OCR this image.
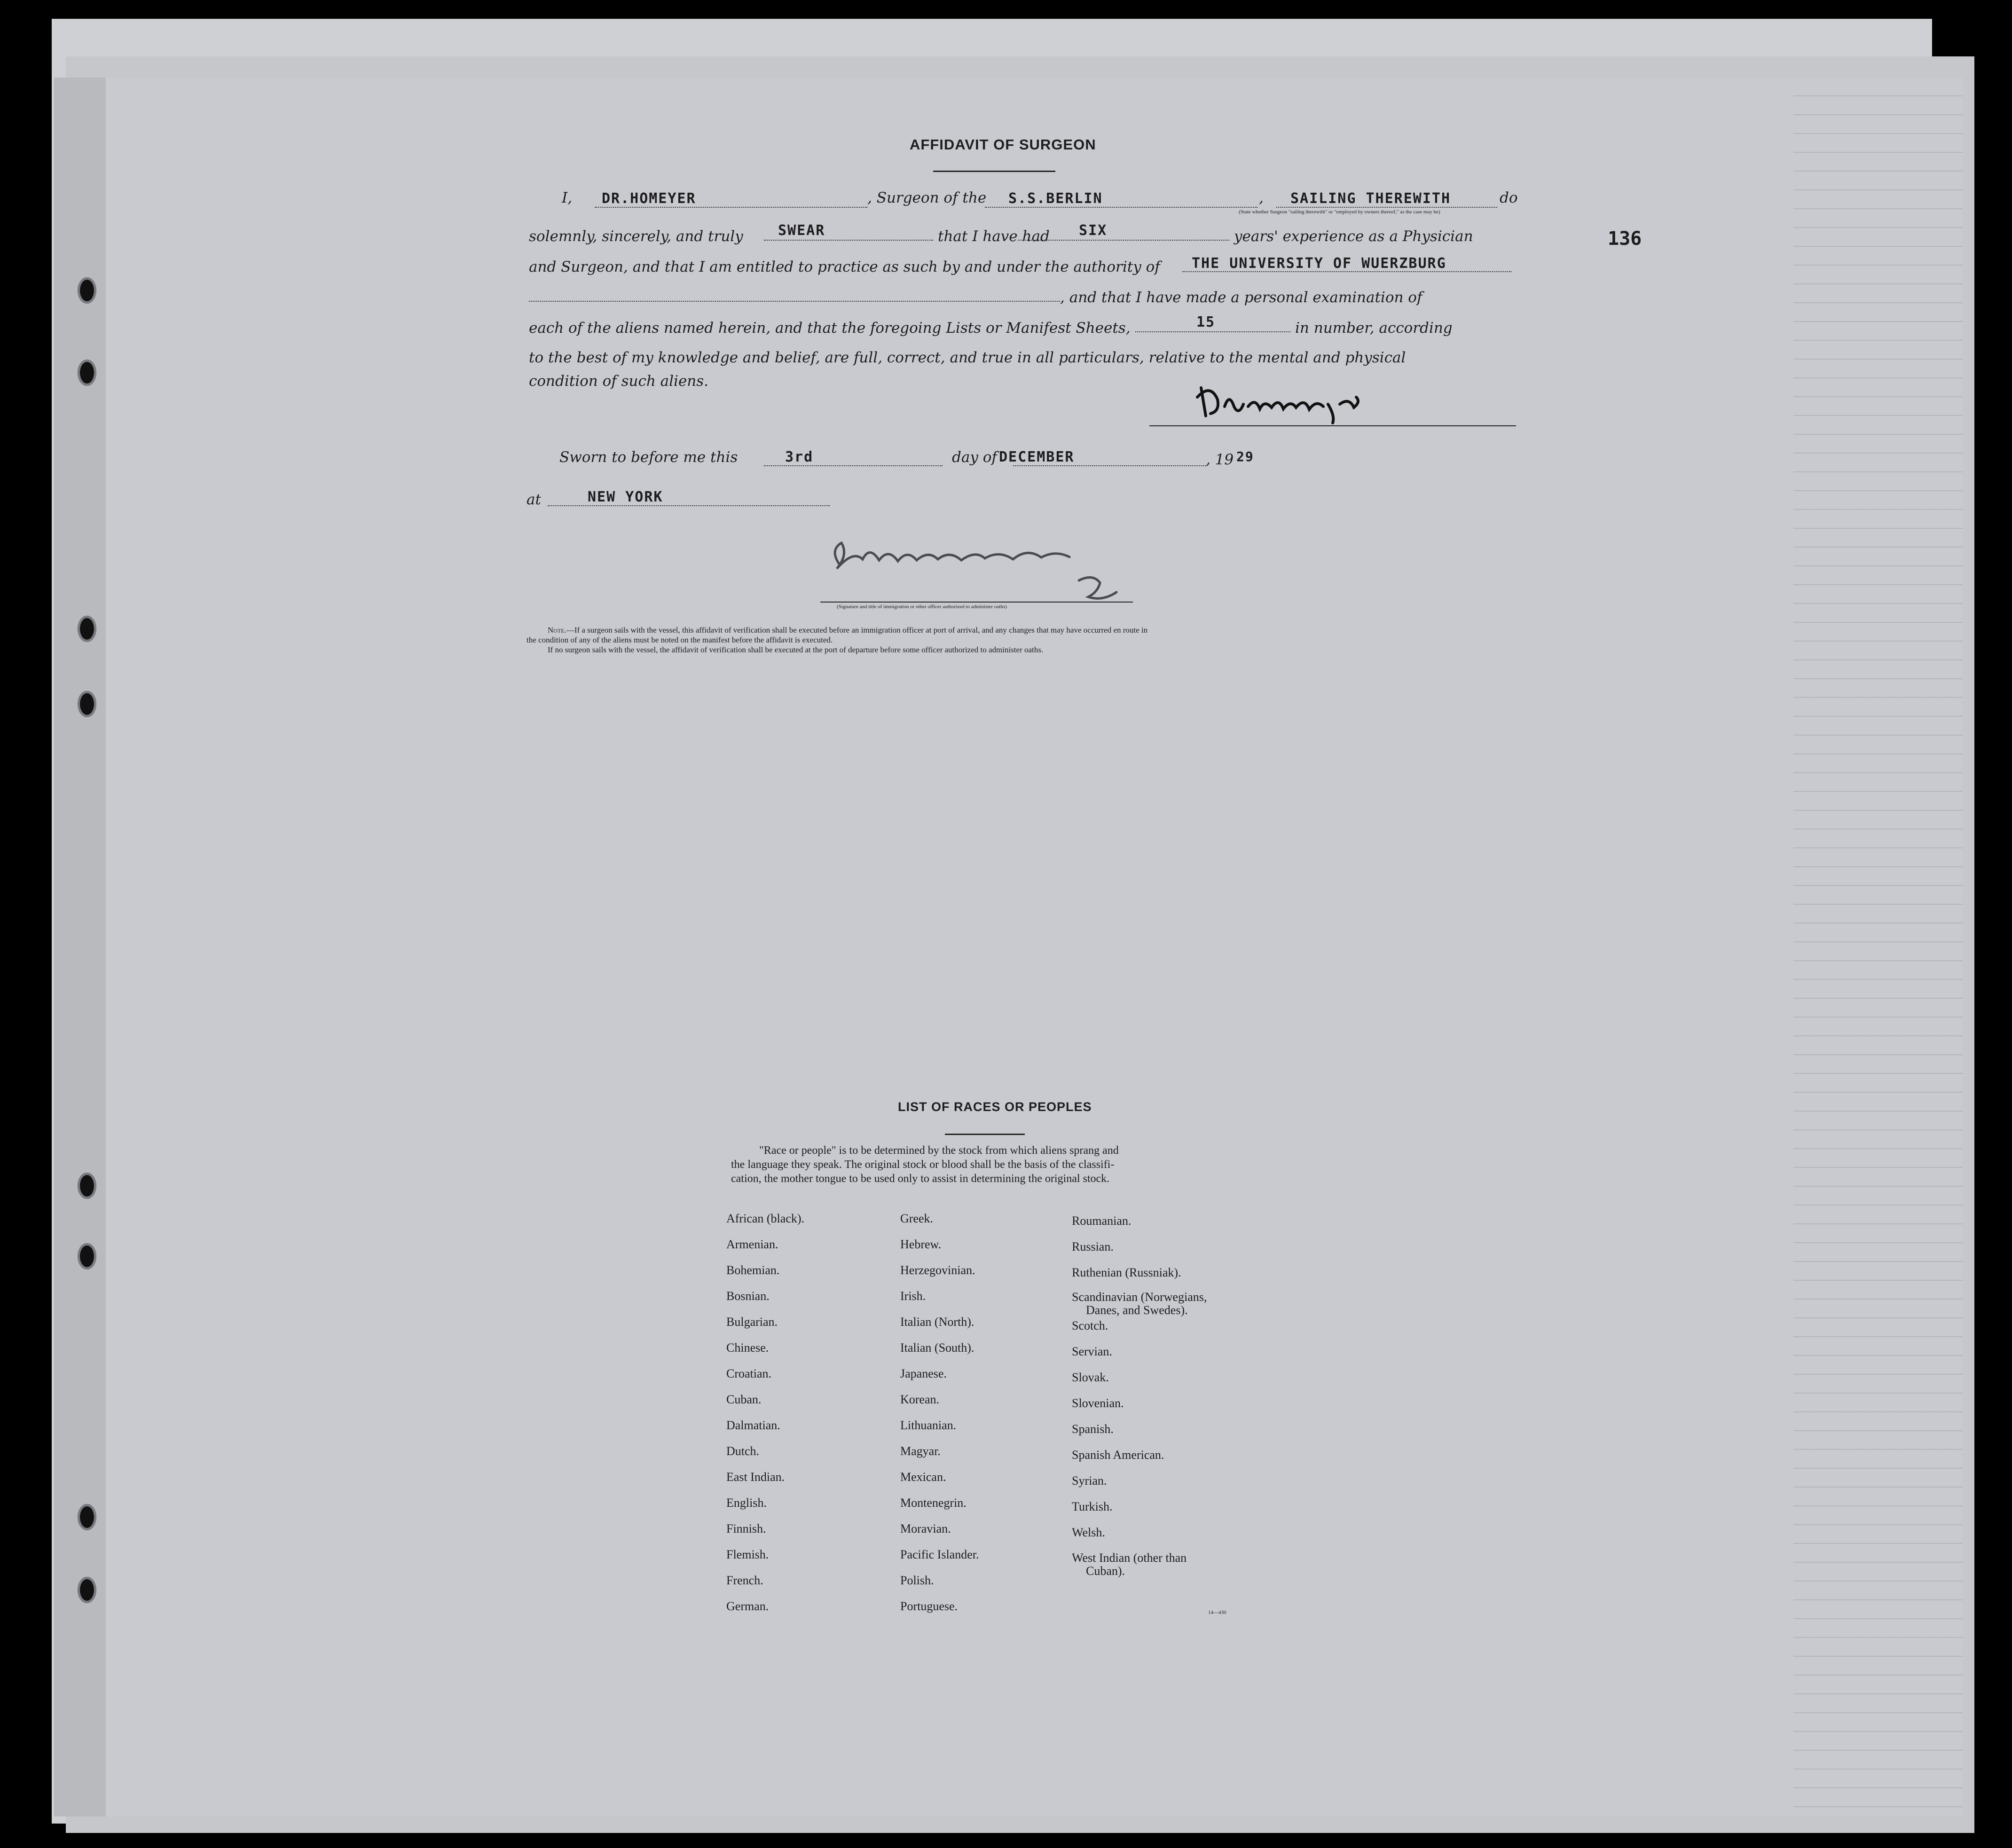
136
AFFIDAVIT OF SURGEON
I, DR.HOMEYER	, Surgeon of the S.S.BERLIN	, SAILING THEREWITH	do
(State whether Surgeon "sailing therewith" or "employed by owners thereof," as the case may be)
solemnly, sincerely, and truly SWEAR	that I have had SIX	years' experience as a Physician
and Surgeon, and that I am entitled to practice as such by and under the authority of THE UNIVERSITY OF WUERZBURG
, and that I have made a personal examination of
each of the aliens named herein, and that the foregoing Lists or Manifest Sheets,	15	in number, according
to the best of my knowledge and belief, are full, correct, and true in all particulars, relative to the mental and physical
condition of such aliens.
Sworn to before me this	3rd	day of DECEMBER	, 19 29
at	NEW YORK
(Signature and title of immigration or other officer authorized to administer oaths)
Note.—If a surgeon sails with the vessel, this affidavit of verification shall be executed before an immigration officer at port of arrival, and any changes that may have occurred en route in
the condition of any of the aliens must be noted on the manifest before the affidavit is executed.
If no surgeon sails with the vessel, the affidavit of verification shall be executed at the port of departure before some officer authorized to administer oaths.
LIST OF RACES OR PEOPLES
"Race or people" is to be determined by the stock from which aliens sprang and
the language they speak. The original stock or blood shall be the basis of the classifi-
cation, the mother tongue to be used only to assist in determining the original stock.
African (black).
Armenian.
Bohemian.
Bosnian.
Bulgarian.
Chinese.
Croatian.
Cuban.
Dalmatian.
Dutch.
East Indian.
English.
Finnish.
Flemish.
French.
German.
Greek.
Hebrew.
Herzegovinian.
Irish.
Italian (North).
Italian (South).
Japanese.
Korean.
Lithuanian.
Magyar.
Mexican.
Montenegrin.
Moravian.
Pacific Islander.
Polish.
Portuguese.
Roumanian.
Russian.
Ruthenian (Russniak).
Scandinavian (Norwegians,
Danes, and Swedes).
Scotch.
Servian.
Slovak.
Slovenian.
Spanish.
Spanish American.
Syrian.
Turkish.
Welsh.
West Indian (other than
Cuban).
14—430
